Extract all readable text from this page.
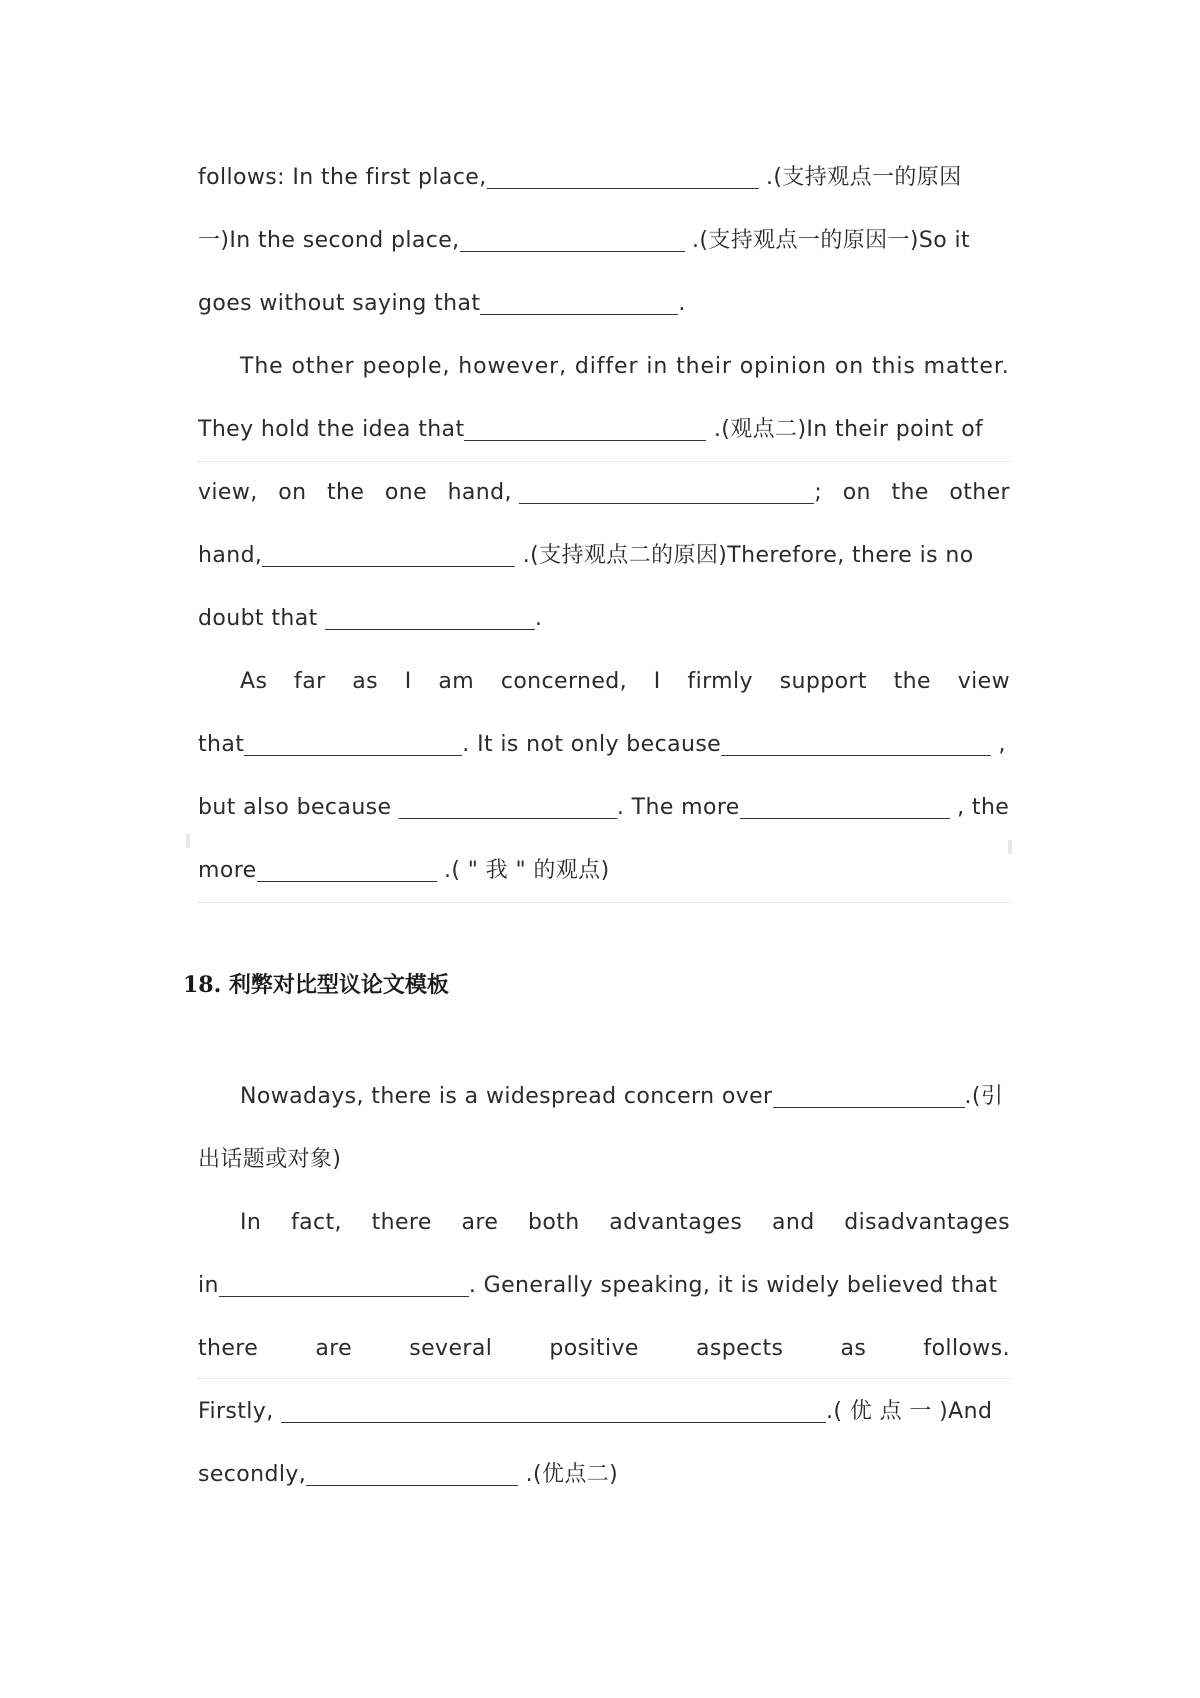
follows: In the first place,	.(支持观点一的原因
一)In the second place,	.(支持观点一的原因一)So it
goes without saying that	.
The other people, however, differ in their opinion on this matter.
They hold the idea that	.(观点二)In their point of
view, on the one hand,	; on the other
hand,	.(支持观点二的原因)Therefore, there is no
doubt that	.
As far as I am concerned, I firmly support the view
that	. It is not only because	,
but also because	. The more	, the
more	.( " 我 " 的观点)
18. 利弊对比型议论文模板
Nowadays, there is a widespread concern over	.(引
出话题或对象)
In fact, there are both advantages and disadvantages
in	. Generally speaking, it is widely believed that
there	are	several	positive	aspects	as	follows.
Firstly,	.( 优 点 一 )And
secondly,	.(优点二)
